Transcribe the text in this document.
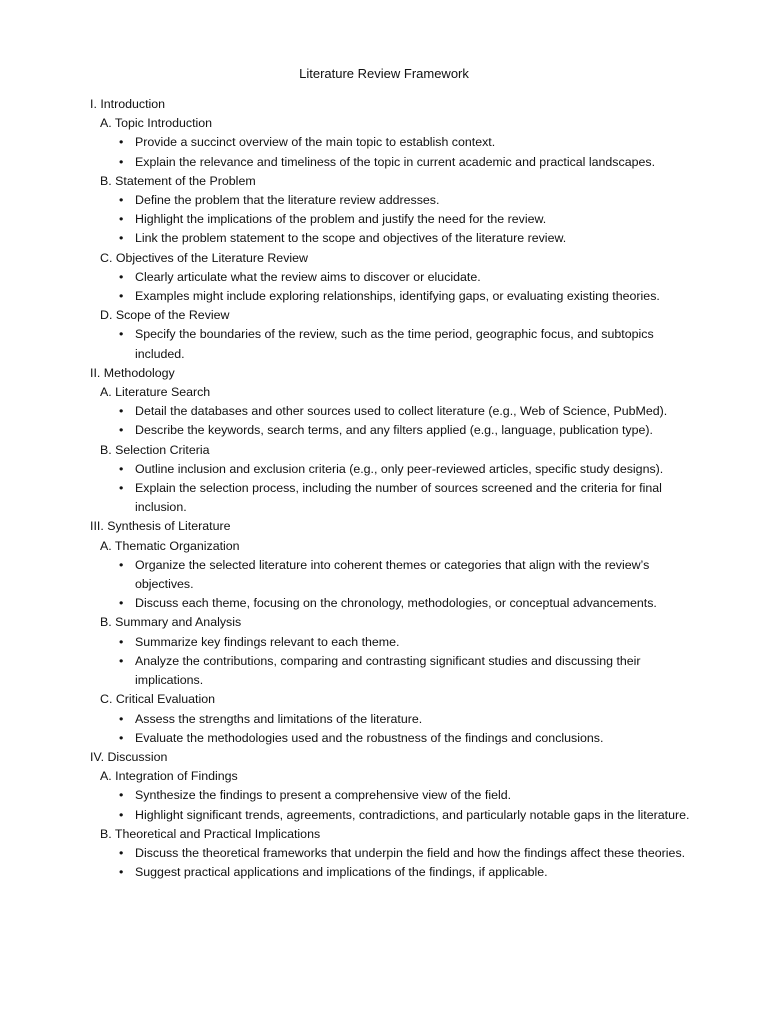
Literature Review Framework
I. Introduction
A. Topic Introduction
• Provide a succinct overview of the main topic to establish context.
• Explain the relevance and timeliness of the topic in current academic and practical landscapes.
B. Statement of the Problem
• Define the problem that the literature review addresses.
• Highlight the implications of the problem and justify the need for the review.
• Link the problem statement to the scope and objectives of the literature review.
C. Objectives of the Literature Review
• Clearly articulate what the review aims to discover or elucidate.
• Examples might include exploring relationships, identifying gaps, or evaluating existing theories.
D. Scope of the Review
• Specify the boundaries of the review, such as the time period, geographic focus, and subtopics included.
II. Methodology
A. Literature Search
• Detail the databases and other sources used to collect literature (e.g., Web of Science, PubMed).
• Describe the keywords, search terms, and any filters applied (e.g., language, publication type).
B. Selection Criteria
• Outline inclusion and exclusion criteria (e.g., only peer-reviewed articles, specific study designs).
• Explain the selection process, including the number of sources screened and the criteria for final inclusion.
III. Synthesis of Literature
A. Thematic Organization
• Organize the selected literature into coherent themes or categories that align with the review’s objectives.
• Discuss each theme, focusing on the chronology, methodologies, or conceptual advancements.
B. Summary and Analysis
• Summarize key findings relevant to each theme.
• Analyze the contributions, comparing and contrasting significant studies and discussing their implications.
C. Critical Evaluation
• Assess the strengths and limitations of the literature.
• Evaluate the methodologies used and the robustness of the findings and conclusions.
IV. Discussion
A. Integration of Findings
• Synthesize the findings to present a comprehensive view of the field.
• Highlight significant trends, agreements, contradictions, and particularly notable gaps in the literature.
B. Theoretical and Practical Implications
• Discuss the theoretical frameworks that underpin the field and how the findings affect these theories.
• Suggest practical applications and implications of the findings, if applicable.
